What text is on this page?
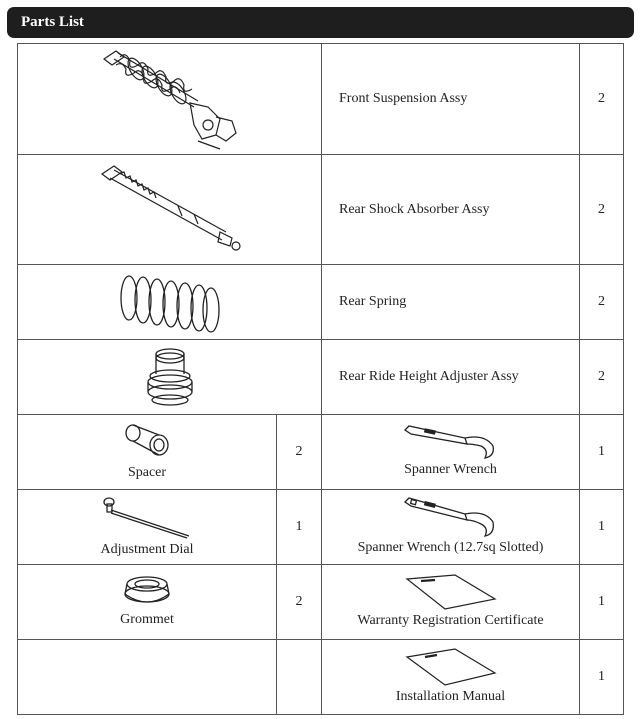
Parts List
	Front Suspension Assy	2

	Rear Shock Absorber Assy	2

	Rear Spring	2

	Rear Ride Height Adjuster Assy	2

Spacer	2	Spanner Wrench	1

Adjustment Dial	1	Spanner Wrench (12.7sq Slotted)	1

Grommet	2	Warranty Registration Certificate	1

		Installation Manual	1
